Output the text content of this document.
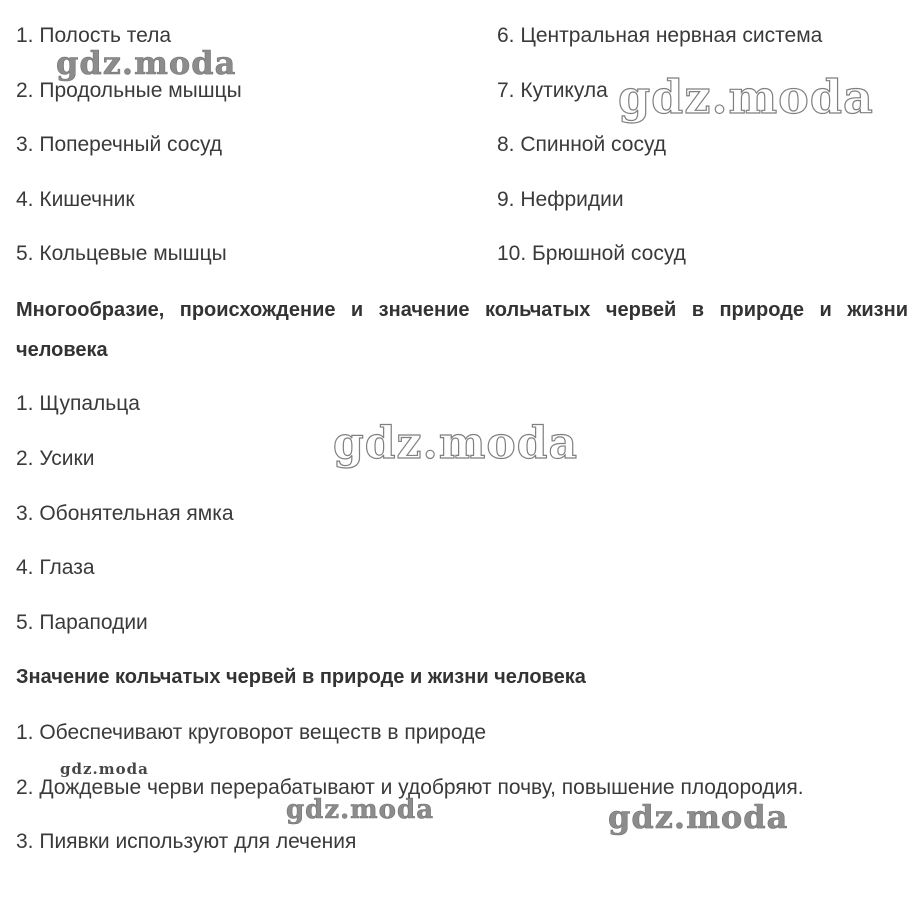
1. Полость тела
2. Продольные мышцы
3. Поперечный сосуд
4. Кишечник
5. Кольцевые мышцы
6. Центральная нервная система
7. Кутикула
8. Спинной сосуд
9. Нефридии
10. Брюшной сосуд
Многообразие, происхождение и значение кольчатых червей в природе и жизни человека
1. Щупальца
2. Усики
3. Обонятельная ямка
4. Глаза
5. Параподии
Значение кольчатых червей в природе и жизни человека
1. Обеспечивают круговорот веществ в природе
2. Дождевые черви перерабатывают и удобряют почву, повышение плодородия.
3. Пиявки используют для лечения
gdz.moda
gdz.moda
gdz.moda
gdz.moda
gdz.moda	gdz.moda
